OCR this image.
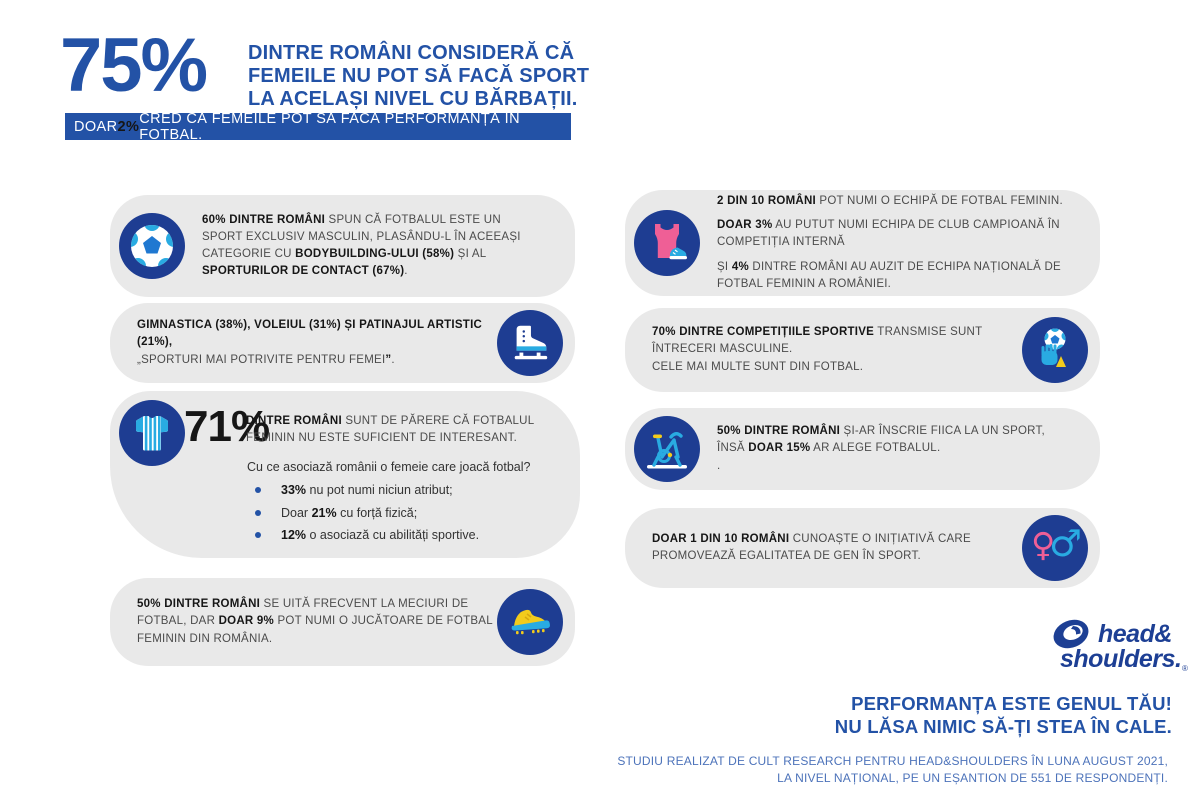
75% DINTRE ROMÂNI CONSIDERĂ CĂ
FEMEILE NU POT SĂ FACĂ SPORT
LA ACELAȘI NIVEL CU BĂRBAȚII.
DOAR 2% CRED CĂ FEMEILE POT SĂ FACĂ PERFORMANȚĂ ÎN FOTBAL.
60% DINTRE ROMÂNI SPUN CĂ FOTBALUL ESTE UN SPORT EXCLUSIV MASCULIN, PLASÂNDU-L ÎN ACEEAȘI CATEGORIE CU BODYBUILDING-ULUI (58%) ȘI AL SPORTURILOR DE CONTACT (67%).
GIMNASTICA (38%), VOLEIUL (31%) ȘI PATINAJUL ARTISTIC (21%),
„SPORTURI MAI POTRIVITE PENTRU FEMEI”.
71%
DINTRE ROMÂNI SUNT DE PĂRERE CĂ FOTBALUL FEMININ NU ESTE SUFICIENT DE INTERESANT.

Cu ce asociază românii o femeie care joacă fotbal?

33% nu pot numi niciun atribut;
Doar 21% cu forță fizică;
12% o asociază cu abilități sportive.
50% DINTRE ROMÂNI SE UITĂ FRECVENT LA MECIURI DE FOTBAL, DAR DOAR 9% POT NUMI O JUCĂTOARE DE FOTBAL FEMININ DIN ROMÂNIA.

2 DIN 10 ROMÂNI POT NUMI O ECHIPĂ DE FOTBAL FEMININ.

DOAR 3% AU PUTUT NUMI ECHIPA DE CLUB CAMPIOANĂ ÎN COMPETIȚIA INTERNĂ

ȘI 4% DINTRE ROMÂNI AU AUZIT DE ECHIPA NAȚIONALĂ DE FOTBAL FEMININ A ROMÂNIEI.

70% DINTRE COMPETIȚIILE SPORTIVE TRANSMISE SUNT ÎNTRECERI MASCULINE.
CELE MAI MULTE SUNT DIN FOTBAL.
50% DINTRE ROMÂNI ȘI-AR ÎNSCRIE FIICA LA UN SPORT,
ÎNSĂ DOAR 15% AR ALEGE FOTBALUL.
.
♀
♂
DOAR 1 DIN 10 ROMÂNI CUNOAȘTE O INIȚIATIVĂ CARE PROMOVEAZĂ EGALITATEA DE GEN ÎN SPORT.
head&
shoulders. ®
PERFORMANȚA ESTE GENUL TĂU!
NU LĂSA NIMIC SĂ-ȚI STEA ÎN CALE.
STUDIU REALIZAT DE CULT RESEARCH PENTRU HEAD&SHOULDERS ÎN LUNA AUGUST 2021,
LA NIVEL NAȚIONAL, PE UN EȘANTION DE 551 DE RESPONDENȚI.
